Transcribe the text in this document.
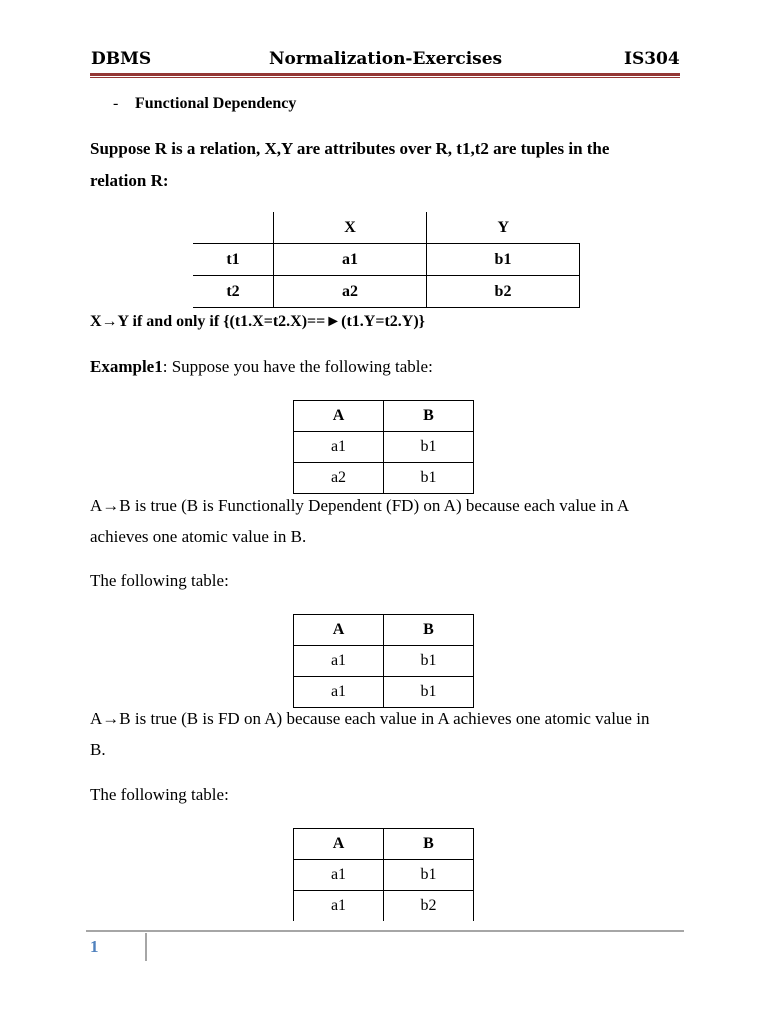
DBMS	Normalization-Exercises	IS304
- Functional Dependency
Suppose R is a relation, X,Y are attributes over R, t1,t2 are tuples in the
relation R:
	X	Y
t1	a1	b1
t2	a2	b2
X→Y if and only if {(t1.X=t2.X)==►(t1.Y=t2.Y)}
Example1: Suppose you have the following table:
A	B
a1	b1
a2	b1
A→B is true (B is Functionally Dependent (FD) on A) because each value in A
achieves one atomic value in B.
The following table:
A	B
a1	b1
a1	b1
A→B is true (B is FD on A) because each value in A achieves one atomic value in
B.
The following table:
A	B
a1	b1
a1	b2
1
